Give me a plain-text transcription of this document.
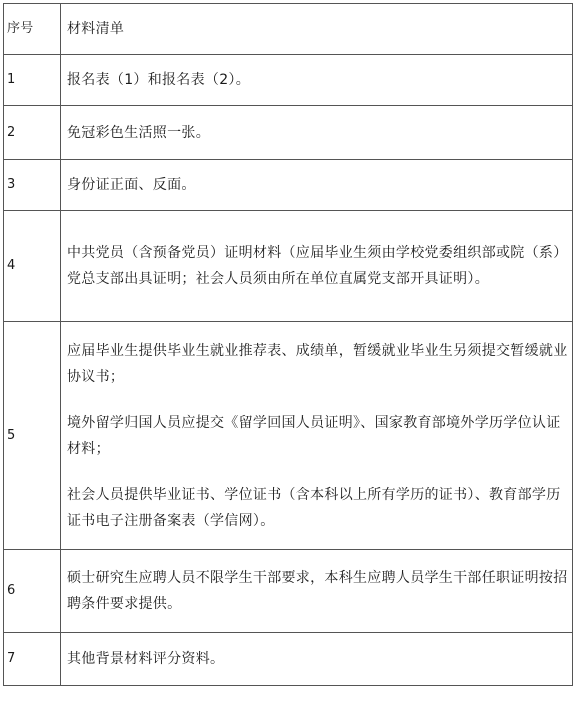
序号	材料清单
1	报名表（1）和报名表（2）。

2	免冠彩色生活照一张。

3	身份证正面、反面。

4	中共党员（含预备党员）证明材料（应届毕业生须由学校党委组织部或院（系）党总支部出具证明；社会人员须由所在单位直属党支部开具证明）。

5	应届毕业生提供毕业生就业推荐表、成绩单，暂缓就业毕业生另须提交暂缓就业协议书；

境外留学归国人员应提交《留学回国人员证明》、国家教育部境外学历学位认证材料；

社会人员提供毕业证书、学位证书（含本科以上所有学历的证书）、教育部学历证书电子注册备案表（学信网）。

6	硕士研究生应聘人员不限学生干部要求，本科生应聘人员学生干部任职证明按招聘条件要求提供。

7	其他背景材料评分资料。
